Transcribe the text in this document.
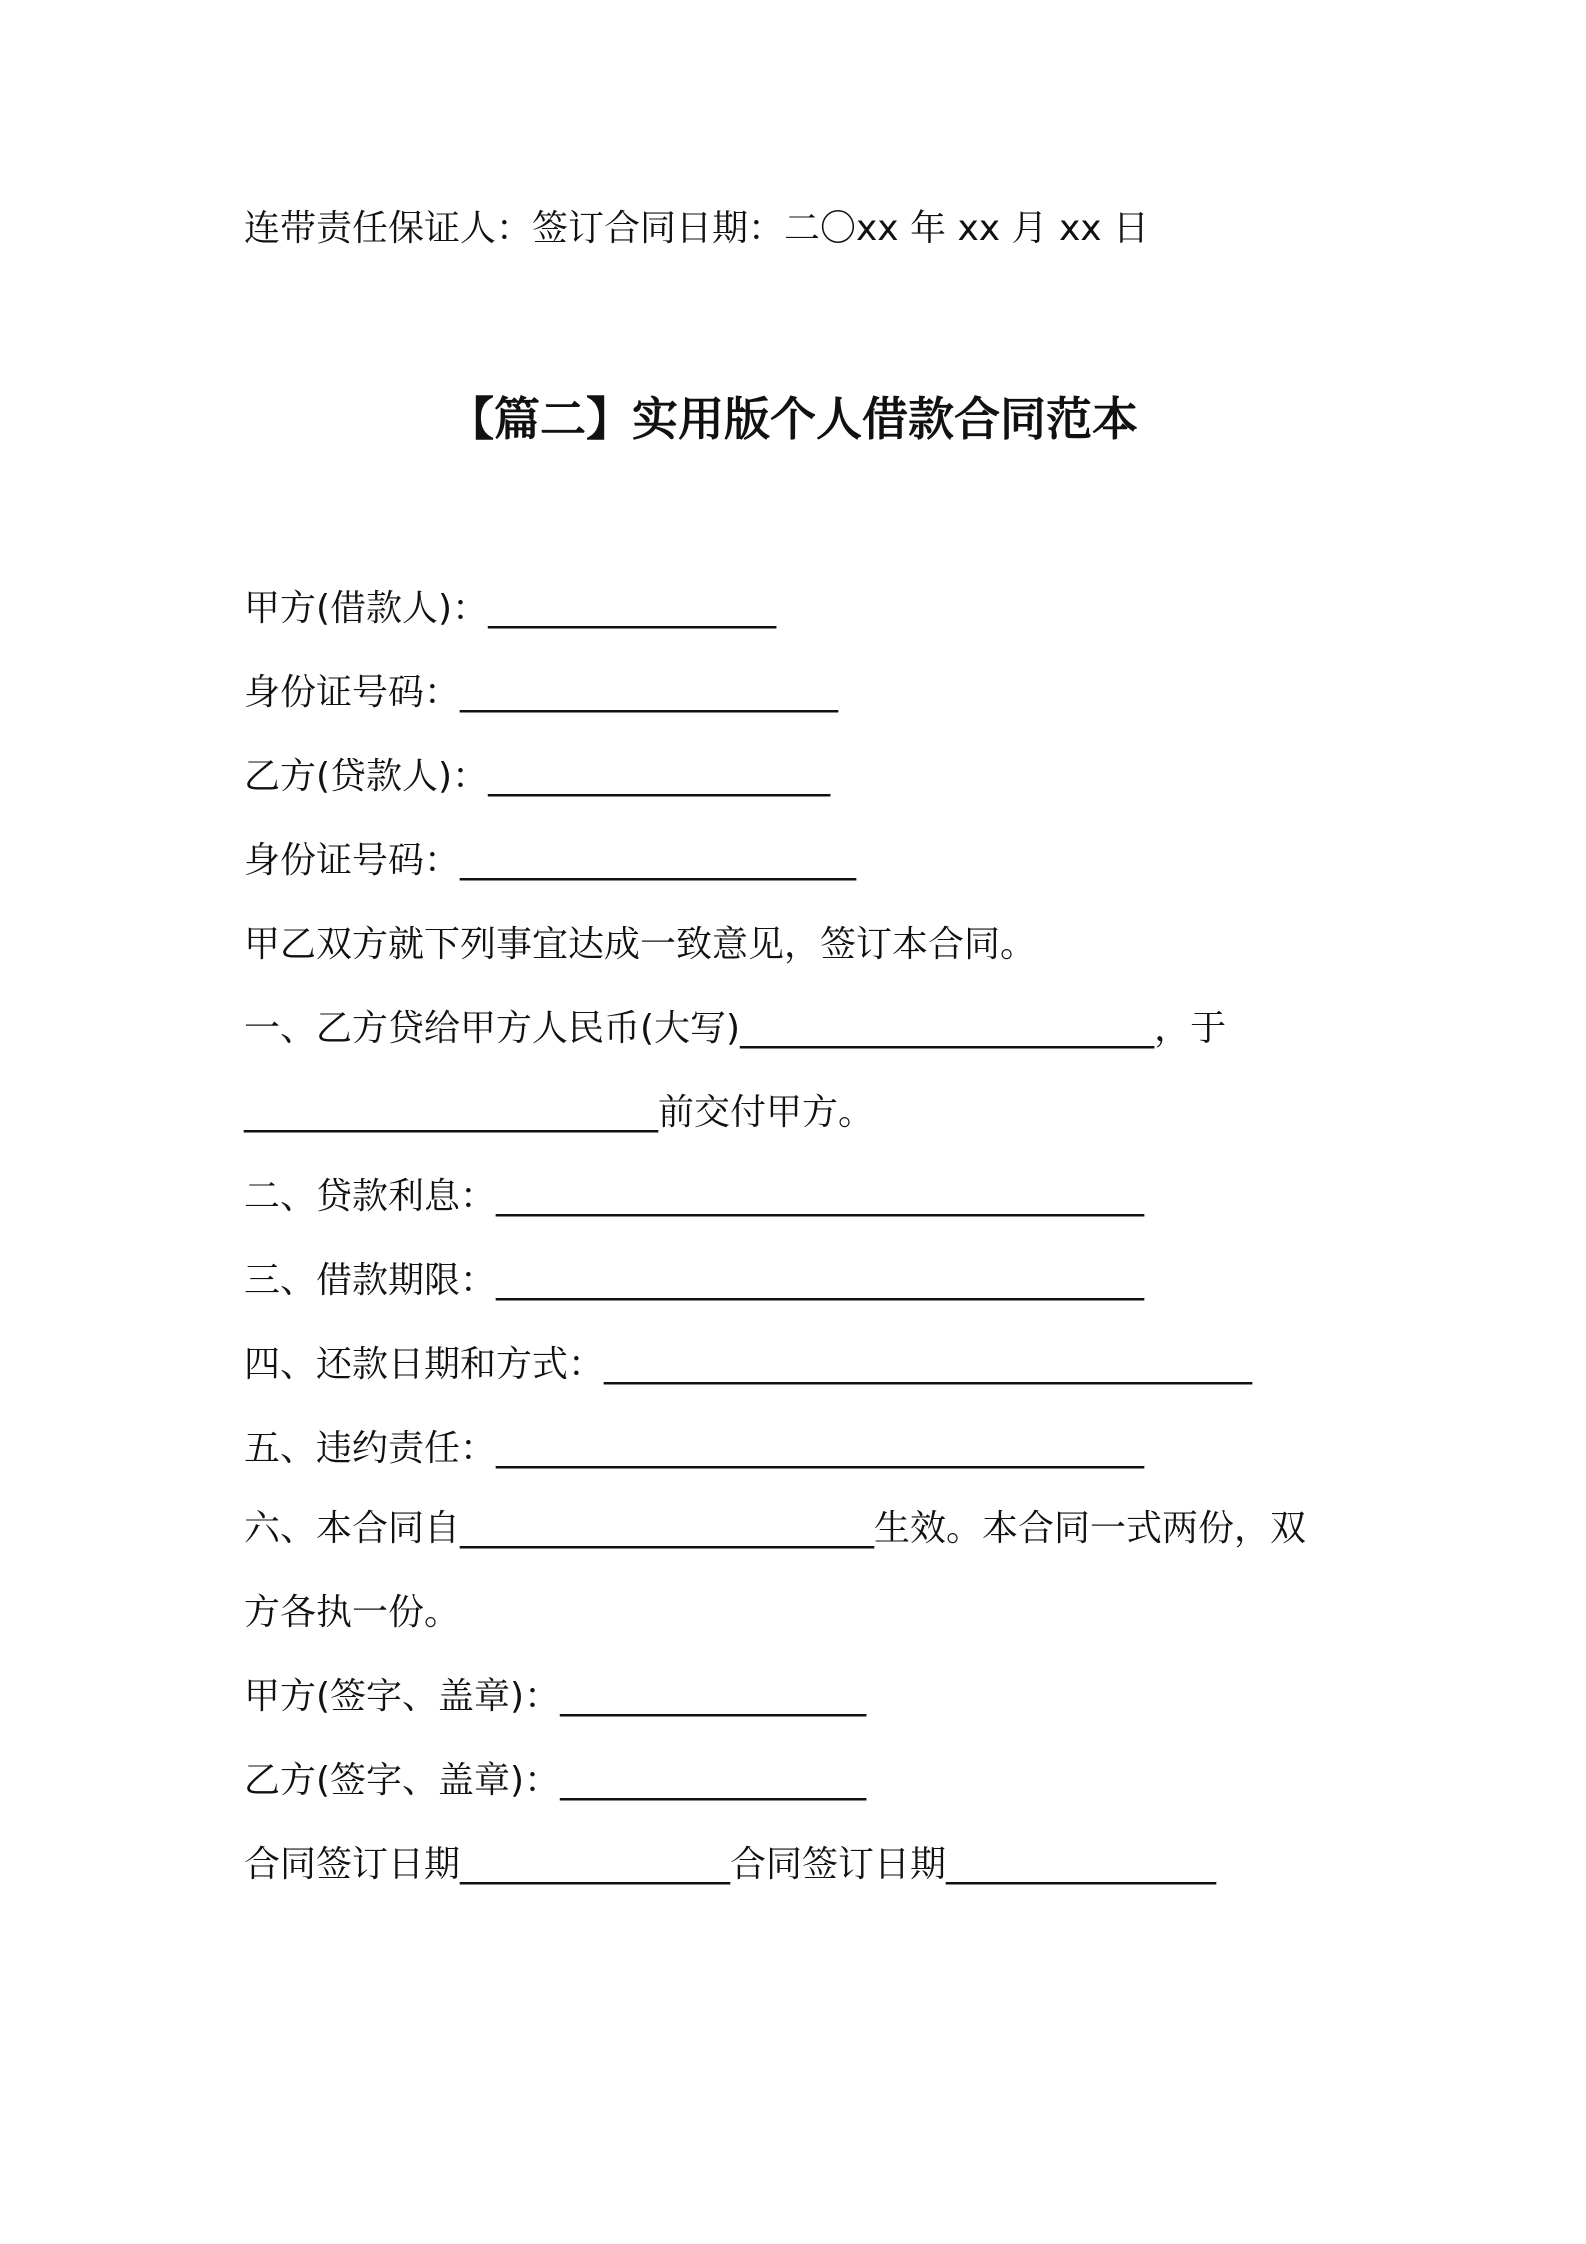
连带责任保证人：签订合同日期：二〇xx 年 xx 月 xx 日
【篇二】实用版个人借款合同范本
甲方(借款人)：________________
身份证号码：_____________________
乙方(贷款人)：___________________
身份证号码：______________________
甲乙双方就下列事宜达成一致意见，签订本合同。
一、乙方贷给甲方人民币(大写)_______________________，于
_______________________前交付甲方。
二、贷款利息：____________________________________
三、借款期限：____________________________________
四、还款日期和方式：____________________________________
五、违约责任：____________________________________
六、本合同自_______________________生效。本合同一式两份，双
方各执一份。
甲方(签字、盖章)：_________________
乙方(签字、盖章)：_________________
合同签订日期_______________合同签订日期_______________
